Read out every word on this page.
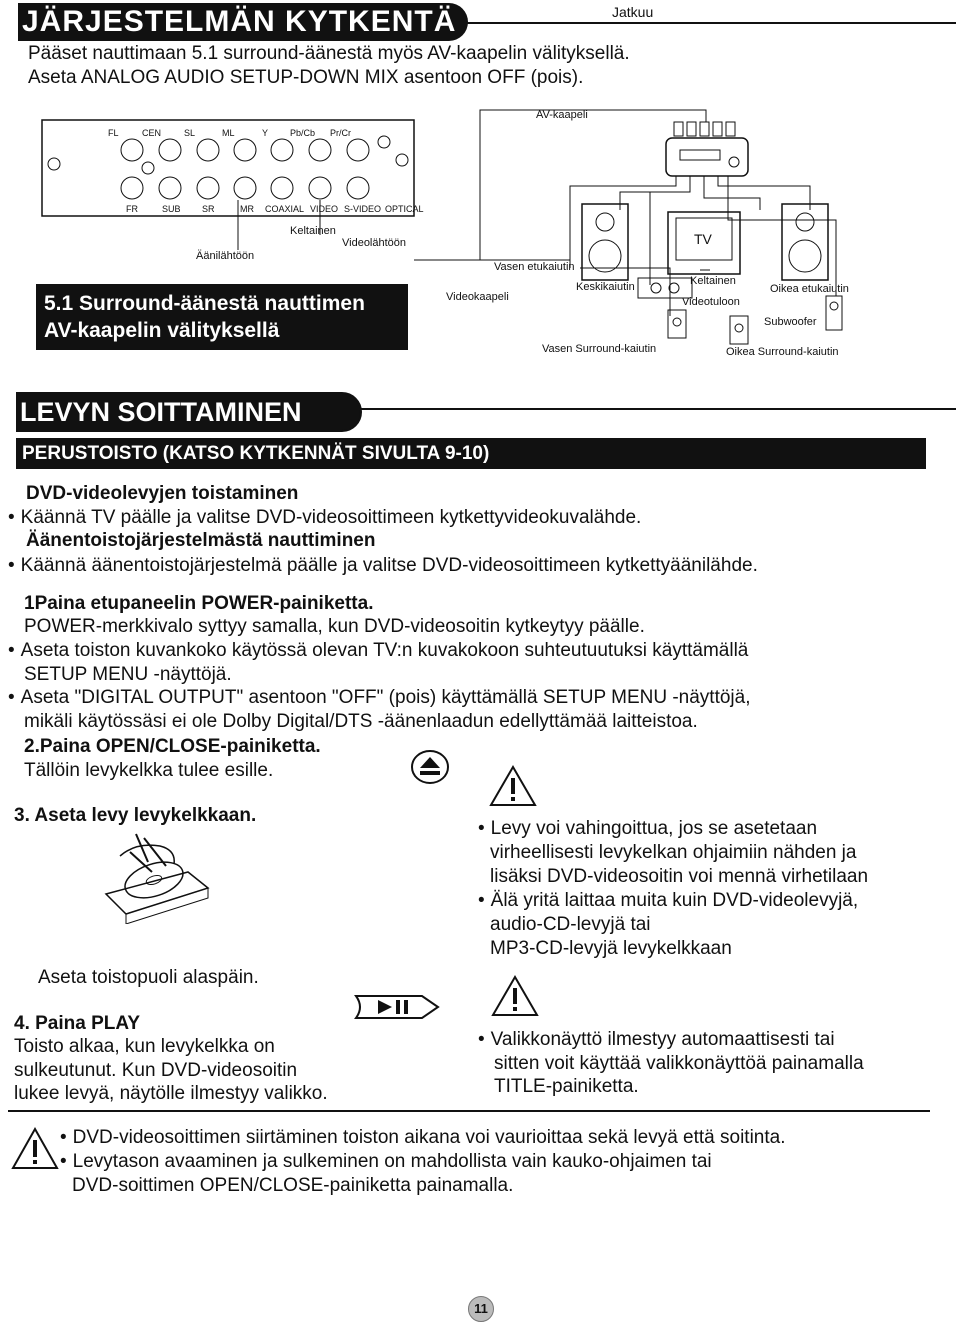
JÄRJESTELMÄN KYTKENTÄ	Jatkuu
Pääset nauttimaan 5.1 surround-äänestä myös AV-kaapelin välityksellä.
Aseta ANALOG AUDIO SETUP-DOWN MIX asentoon OFF (pois).
FL	CEN	SL	ML	Y Pb/Cb Pr/Cr
FR	SUB SR	MR COAXIAL VIDEO S-VIDEO OPTICAL
AV-kaapeli
Keltainen
Videolähtöön
Äänilähtöön
Videokaapeli
Vasen etukaiutin
TV
Keskikaiutin	Keltainen
Videotuloon
Oikea etukaiutin
Subwoofer
Vasen Surround-kaiutin	Oikea Surround-kaiutin
5.1 Surround-äänestä nauttimen
AV-kaapelin välityksellä
LEVYN SOITTAMINEN
PERUSTOISTO (KATSO KYTKENNÄT SIVULTA 9-10)
DVD-videolevyjen toistaminen
• Käännä TV päälle ja valitse DVD-videosoittimeen kytkettyvideokuvalähde.
Äänentoistojärjestelmästä nauttiminen
• Käännä äänentoistojärjestelmä päälle ja valitse DVD-videosoittimeen kytkettyäänilähde.
1Paina etupaneelin POWER-painiketta.
POWER-merkkivalo syttyy samalla, kun DVD-videosoitin kytkeytyy päälle.
• Aseta toiston kuvankoko käytössä olevan TV:n kuvakokoon suhteutuutuksi käyttämällä
SETUP MENU -näyttöjä.
• Aseta "DIGITAL OUTPUT" asentoon "OFF" (pois) käyttämällä SETUP MENU -näyttöjä,
mikäli käytössäsi ei ole Dolby Digital/DTS -äänenlaadun edellyttämää laitteistoa.
2.Paina OPEN/CLOSE-painiketta.
Tällöin levykelkka tulee esille.
3. Aseta levy levykelkkaan.
Aseta toistopuoli alaspäin.
4. Paina PLAY
Toisto alkaa, kun levykelkka on
sulkeutunut. Kun DVD-videosoitin
lukee levyä, näytölle ilmestyy valikko.
• Levy voi vahingoittua, jos se asetetaan
virheellisesti levykelkan ohjaimiin nähden ja
lisäksi DVD-videosoitin voi mennä virhetilaan
• Älä yritä laittaa muita kuin DVD-videolevyjä,
audio-CD-levyjä tai
MP3-CD-levyjä levykelkkaan
• Valikkonäyttö ilmestyy automaattisesti tai
sitten voit käyttää valikkonäyttöä painamalla
TITLE-painiketta.
• DVD-videosoittimen siirtäminen toiston aikana voi vaurioittaa sekä levyä että soitinta.
• Levytason avaaminen ja sulkeminen on mahdollista vain kauko-ohjaimen tai
DVD-soittimen OPEN/CLOSE-painiketta painamalla.
11
